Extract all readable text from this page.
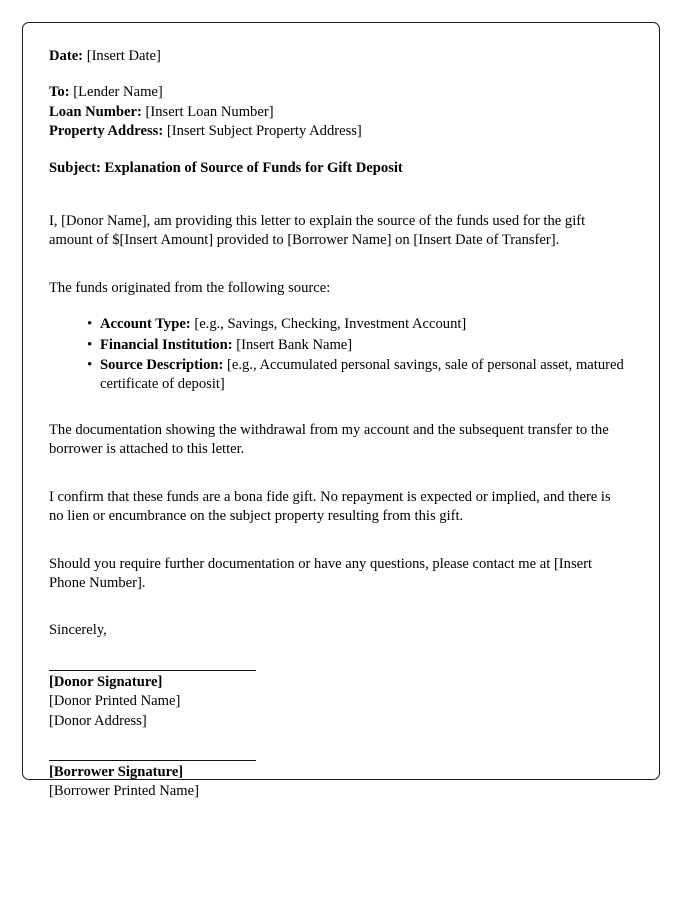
Date: [Insert Date]

To: [Lender Name]

Loan Number: [Insert Loan Number]

Property Address: [Insert Subject Property Address]

Subject: Explanation of Source of Funds for Gift Deposit

I, [Donor Name], am providing this letter to explain the source of the funds used for the gift amount of $[Insert Amount] provided to [Borrower Name] on [Insert Date of Transfer].

The funds originated from the following source:

• Account Type: [e.g., Savings, Checking, Investment Account]
• Financial Institution: [Insert Bank Name]
• Source Description: [e.g., Accumulated personal savings, sale of personal asset, matured certificate of deposit]

The documentation showing the withdrawal from my account and the subsequent transfer to the borrower is attached to this letter.

I confirm that these funds are a bona fide gift. No repayment is expected or implied, and there is no lien or encumbrance on the subject property resulting from this gift.

Should you require further documentation or have any questions, please contact me at [Insert Phone Number].

Sincerely,

[Donor Signature]

[Donor Printed Name]

[Donor Address]

[Borrower Signature]

[Borrower Printed Name]
